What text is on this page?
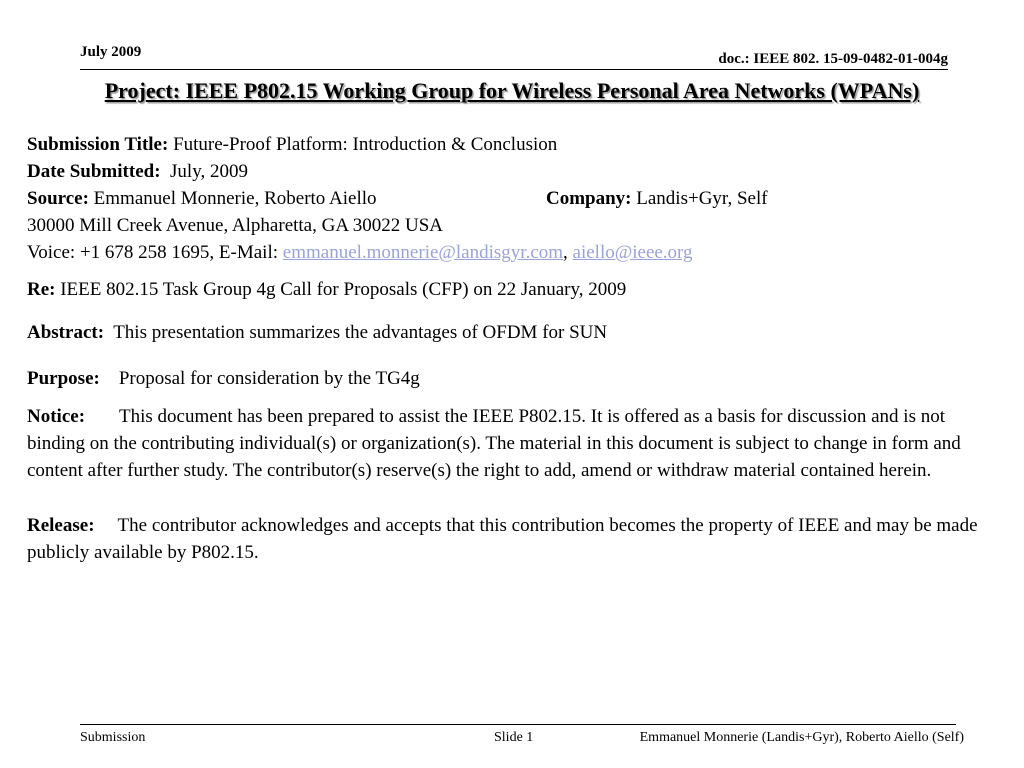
July 2009	doc.: IEEE 802. 15-09-0482-01-004g
Project: IEEE P802.15 Working Group for Wireless Personal Area Networks (WPANs)
Submission Title: Future-Proof Platform: Introduction & Conclusion
Date Submitted: July, 2009
Source: Emmanuel Monnerie, Roberto Aiello	Company: Landis+Gyr, Self
30000 Mill Creek Avenue, Alpharetta, GA 30022 USA
Voice: +1 678 258 1695, E-Mail: emmanuel.monnerie@landisgyr.com, aiello@ieee.org
Re: IEEE 802.15 Task Group 4g Call for Proposals (CFP) on 22 January, 2009
Abstract: This presentation summarizes the advantages of OFDM for SUN
Purpose: Proposal for consideration by the TG4g
Notice: This document has been prepared to assist the IEEE P802.15. It is offered as a basis for discussion and is not binding on the contributing individual(s) or organization(s). The material in this document is subject to change in form and content after further study. The contributor(s) reserve(s) the right to add, amend or withdraw material contained herein.
Release: The contributor acknowledges and accepts that this contribution becomes the property of IEEE and may be made publicly available by P802.15.
Submission	Slide 1	Emmanuel Monnerie (Landis+Gyr), Roberto Aiello (Self)
